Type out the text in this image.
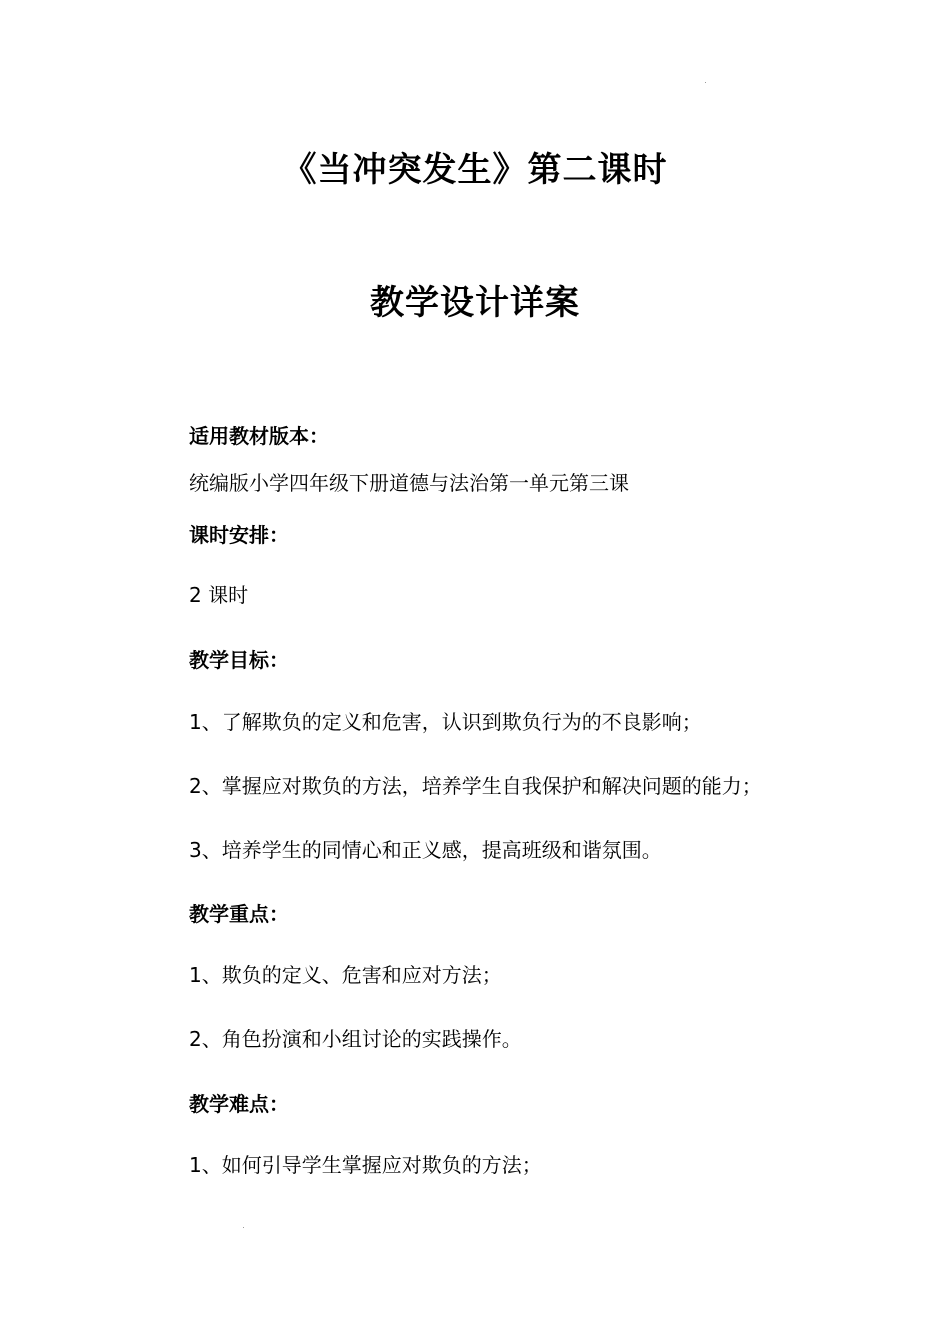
《当冲突发生》第二课时
教学设计详案
适用教材版本：
统编版小学四年级下册道德与法治第一单元第三课
课时安排：
2 课时
教学目标：
1、了解欺负的定义和危害，认识到欺负行为的不良影响；
2、掌握应对欺负的方法，培养学生自我保护和解决问题的能力；
3、培养学生的同情心和正义感，提高班级和谐氛围。
教学重点：
1、欺负的定义、危害和应对方法；
2、角色扮演和小组讨论的实践操作。
教学难点：
1、如何引导学生掌握应对欺负的方法；
